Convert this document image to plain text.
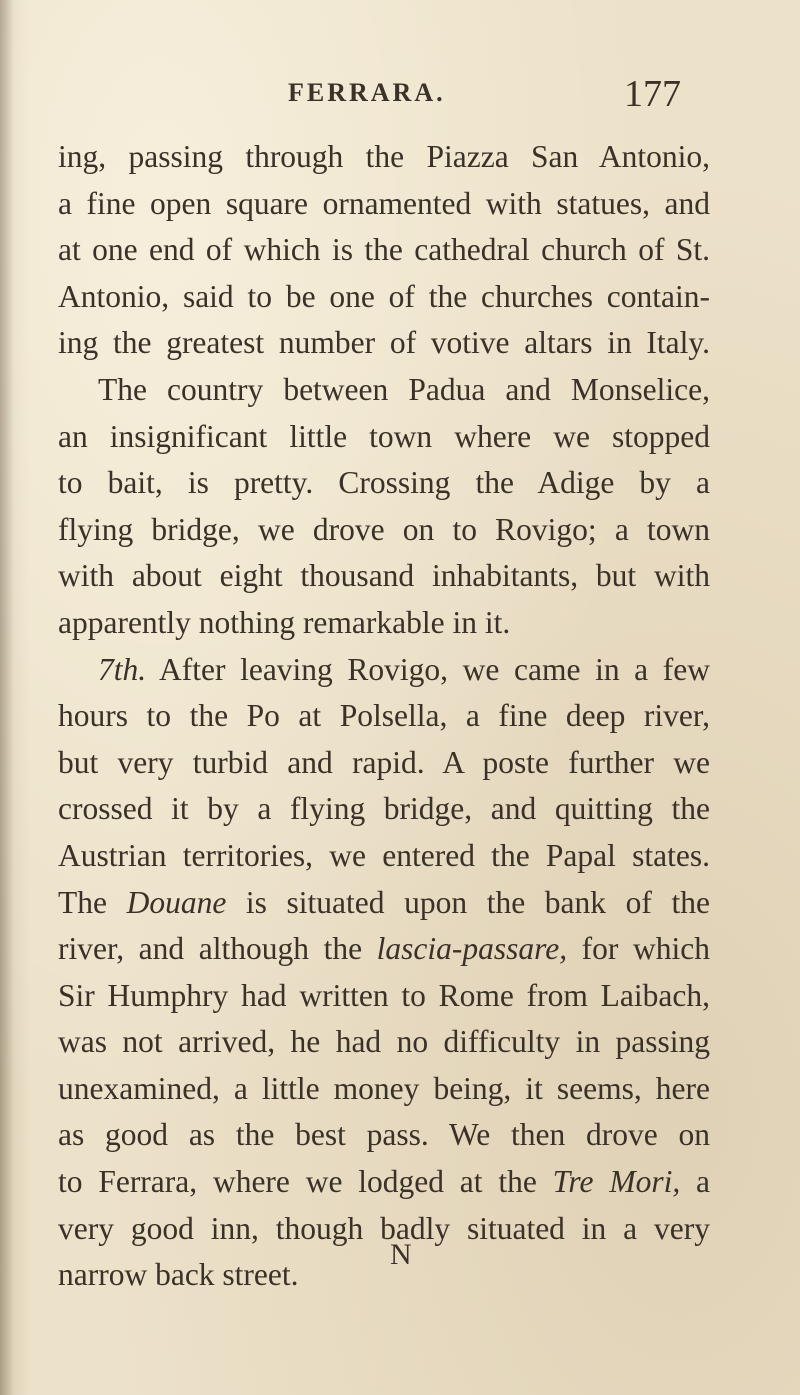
FERRARA.	177
ing, passing through the Piazza San Antonio,
a fine open square ornamented with statues, and
at one end of which is the cathedral church of St.
Antonio, said to be one of the churches contain-
ing the greatest number of votive altars in Italy.
The country between Padua and Monselice,
an insignificant little town where we stopped
to bait, is pretty. Crossing the Adige by a
flying bridge, we drove on to Rovigo; a town
with about eight thousand inhabitants, but with
apparently nothing remarkable in it.
7th. After leaving Rovigo, we came in a few
hours to the Po at Polsella, a fine deep river,
but very turbid and rapid. A poste further we
crossed it by a flying bridge, and quitting the
Austrian territories, we entered the Papal states.
The Douane is situated upon the bank of the
river, and although the lascia-passare, for which
Sir Humphry had written to Rome from Laibach,
was not arrived, he had no difficulty in passing
unexamined, a little money being, it seems, here
as good as the best pass. We then drove on
to Ferrara, where we lodged at the Tre Mori, a
very good inn, though badly situated in a very
narrow back street.
N
